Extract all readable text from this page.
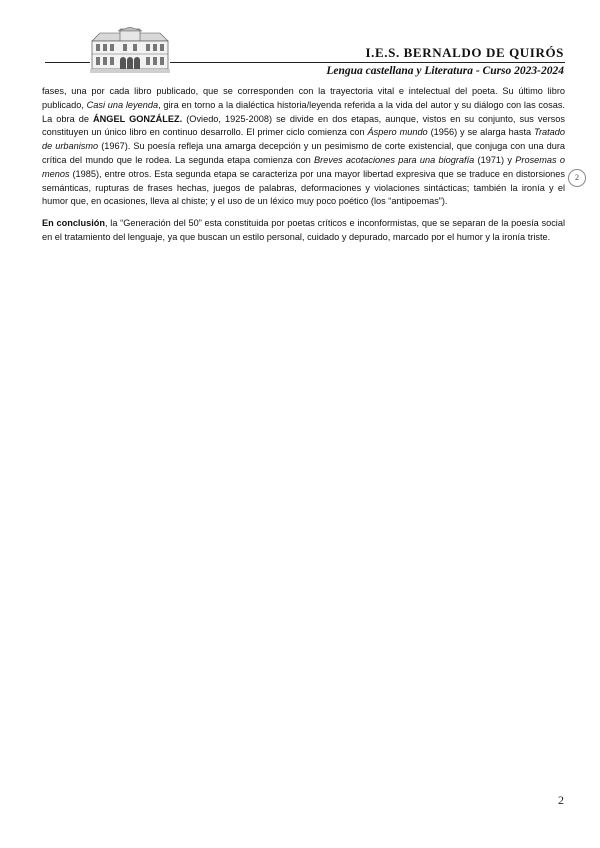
I.E.S. BERNALDO DE QUIRÓS
Lengua castellana y Literatura - Curso 2023-2024

fases, una por cada libro publicado, que se corresponden con la trayectoria vital e intelectual del poeta. Su último libro publicado, Casi una leyenda, gira en torno a la dialéctica historia/leyenda referida a la vida del autor y su diálogo con las cosas. La obra de ÁNGEL GONZÁLEZ. (Oviedo, 1925-2008) se divide en dos etapas, aunque, vistos en su conjunto, sus versos constituyen un único libro en continuo desarrollo. El primer ciclo comienza con Áspero mundo (1956) y se alarga hasta Tratado de urbanismo (1967). Su poesía refleja una amarga decepción y un pesimismo de corte existencial, que conjuga con una dura crítica del mundo que le rodea. La segunda etapa comienza con Breves acotaciones para una biografía (1971) y Prosemas o menos (1985), entre otros. Esta segunda etapa se caracteriza por una mayor libertad expresiva que se traduce en distorsiones semánticas, rupturas de frases hechas, juegos de palabras, deformaciones y violaciones sintácticas; también la ironía y el humor que, en ocasiones, lleva al chiste; y el uso de un léxico muy poco poético (los “antipoemas”).

En conclusión, la “Generación del 50” esta constituida por poetas críticos e inconformistas, que se separan de la poesía social en el tratamiento del lenguaje, ya que buscan un estilo personal, cuidado y depurado, marcado por el humor y la ironía triste.

2
2
